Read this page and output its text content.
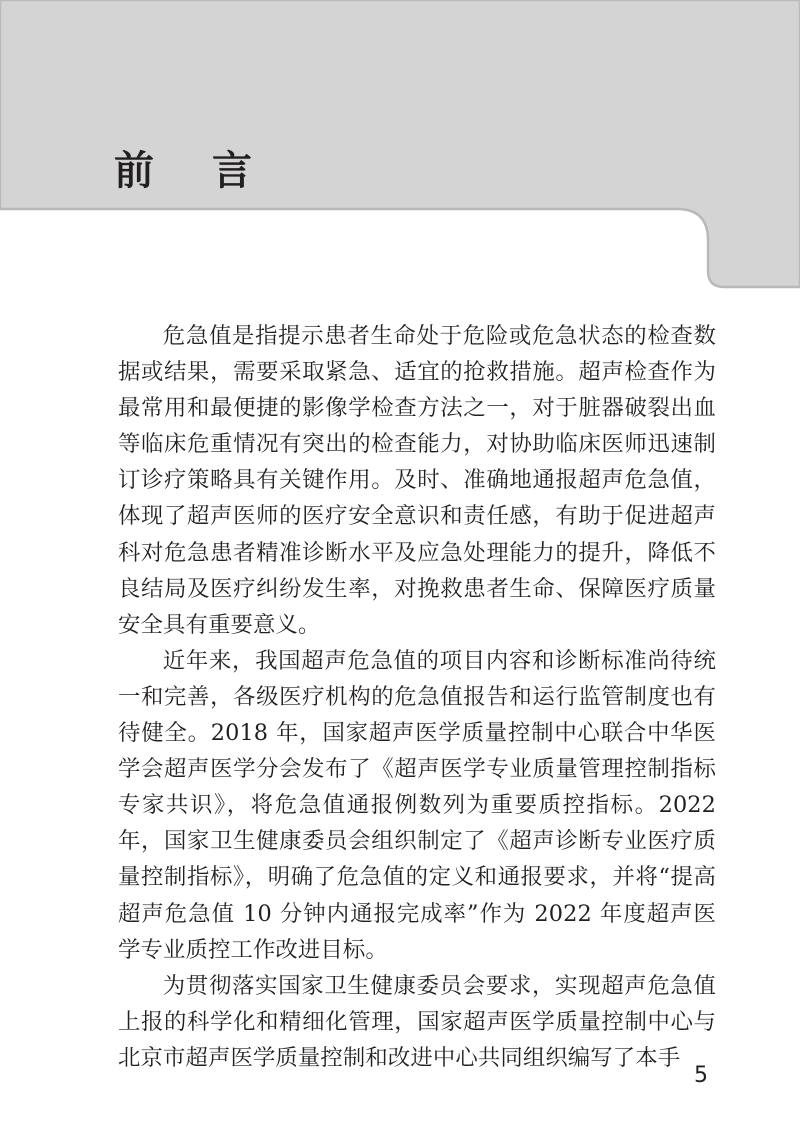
前言

危急值是指提示患者生命处于危险或危急状态的检查数据或结果，需要采取紧急、适宜的抢救措施。超声检查作为最常用和最便捷的影像学检查方法之一，对于脏器破裂出血等临床危重情况有突出的检查能力，对协助临床医师迅速制订诊疗策略具有关键作用。及时、准确地通报超声危急值，体现了超声医师的医疗安全意识和责任感，有助于促进超声科对危急患者精准诊断水平及应急处理能力的提升，降低不良结局及医疗纠纷发生率，对挽救患者生命、保障医疗质量安全具有重要意义。

近年来，我国超声危急值的项目内容和诊断标准尚待统一和完善，各级医疗机构的危急值报告和运行监管制度也有待健全。2018 年，国家超声医学质量控制中心联合中华医学会超声医学分会发布了《超声医学专业质量管理控制指标专家共识》，将危急值通报例数列为重要质控指标。2022 年，国家卫生健康委员会组织制定了《超声诊断专业医疗质量控制指标》，明确了危急值的定义和通报要求，并将“提高超声危急值 10 分钟内通报完成率”作为 2022 年度超声医学专业质控工作改进目标。

为贯彻落实国家卫生健康委员会要求，实现超声危急值上报的科学化和精细化管理，国家超声医学质量控制中心与北京市超声医学质量控制和改进中心共同组织编写了本手

5
